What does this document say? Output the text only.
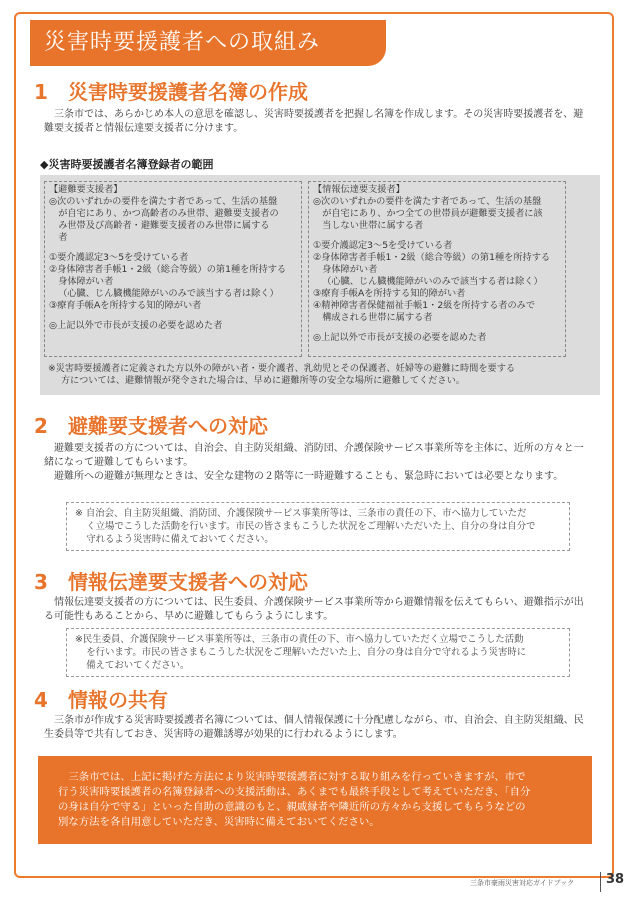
災害時要援護者への取組み
1 災害時要援護者名簿の作成
三条市では、あらかじめ本人の意思を確認し、災害時要援護者を把握し名簿を作成します。その災害時要援護者を、避難要支援者と情報伝達要支援者に分けます。
◆災害時要援護者名簿登録者の範囲
【避難要支援者】
◎次のいずれかの要件を満たす者であって、生活の基盤
が自宅にあり、かつ高齢者のみ世帯、避難要支援者の
み世帯及び高齢者・避難要支援者のみ世帯に属する
者
①要介護認定3～5を受けている者
②身体障害者手帳1・2級（総合等級）の第1種を所持する
身体障がい者
（心臓、じん臓機能障がいのみで該当する者は除く）
③療育手帳Aを所持する知的障がい者
◎上記以外で市長が支援の必要を認めた者
【情報伝達要支援者】
◎次のいずれかの要件を満たす者であって、生活の基盤
が自宅にあり、かつ全ての世帯員が避難要支援者に該
当しない世帯に属する者
①要介護認定3～5を受けている者
②身体障害者手帳1・2級（総合等級）の第1種を所持する
身体障がい者
（心臓、じん臓機能障がいのみで該当する者は除く）
③療育手帳Aを所持する知的障がい者
④精神障害者保健福祉手帳1・2級を所持する者のみで
構成される世帯に属する者
◎上記以外で市長が支援の必要を認めた者
※災害時要援護者に定義された方以外の障がい者・要介護者、乳幼児とその保護者、妊婦等の避難に時間を要する
方については、避難情報が発令された場合は、早めに避難所等の安全な場所に避難してください。
2 避難要支援者への対応
避難要支援者の方については、自治会、自主防災組織、消防団、介護保険サービス事業所等を主体に、近所の方々と一緒になって避難してもらいます。
避難所への避難が無理なときは、安全な建物の２階等に一時避難することも、緊急時においては必要となります。
※ 自治会、自主防災組織、消防団、介護保険サービス事業所等は、三条市の責任の下、市へ協力していただ
く立場でこうした活動を行います。市民の皆さまもこうした状況をご理解いただいた上、自分の身は自分で
守れるよう災害時に備えておいてください。
3 情報伝達要支援者への対応
情報伝達要支援者の方については、民生委員、介護保険サービス事業所等から避難情報を伝えてもらい、避難指示が出る可能性もあることから、早めに避難してもらうようにします。
※民生委員、介護保険サービス事業所等は、三条市の責任の下、市へ協力していただく立場でこうした活動
を行います。市民の皆さまもこうした状況をご理解いただいた上、自分の身は自分で守れるよう災害時に
備えておいてください。
4 情報の共有
三条市が作成する災害時要援護者名簿については、個人情報保護に十分配慮しながら、市、自治会、自主防災組織、民生委員等で共有しておき、災害時の避難誘導が効果的に行われるようにします。
三条市では、上記に掲げた方法により災害時要援護者に対する取り組みを行っていきますが、市で
行う災害時要援護者の名簿登録者への支援活動は、あくまでも最終手段として考えていただき、「自分
の身は自分で守る」といった自助の意識のもと、親戚縁者や隣近所の方々から支援してもらうなどの
別な方法を各自用意していただき、災害時に備えておいてください。
三条市豪雨災害対応ガイドブック 38
